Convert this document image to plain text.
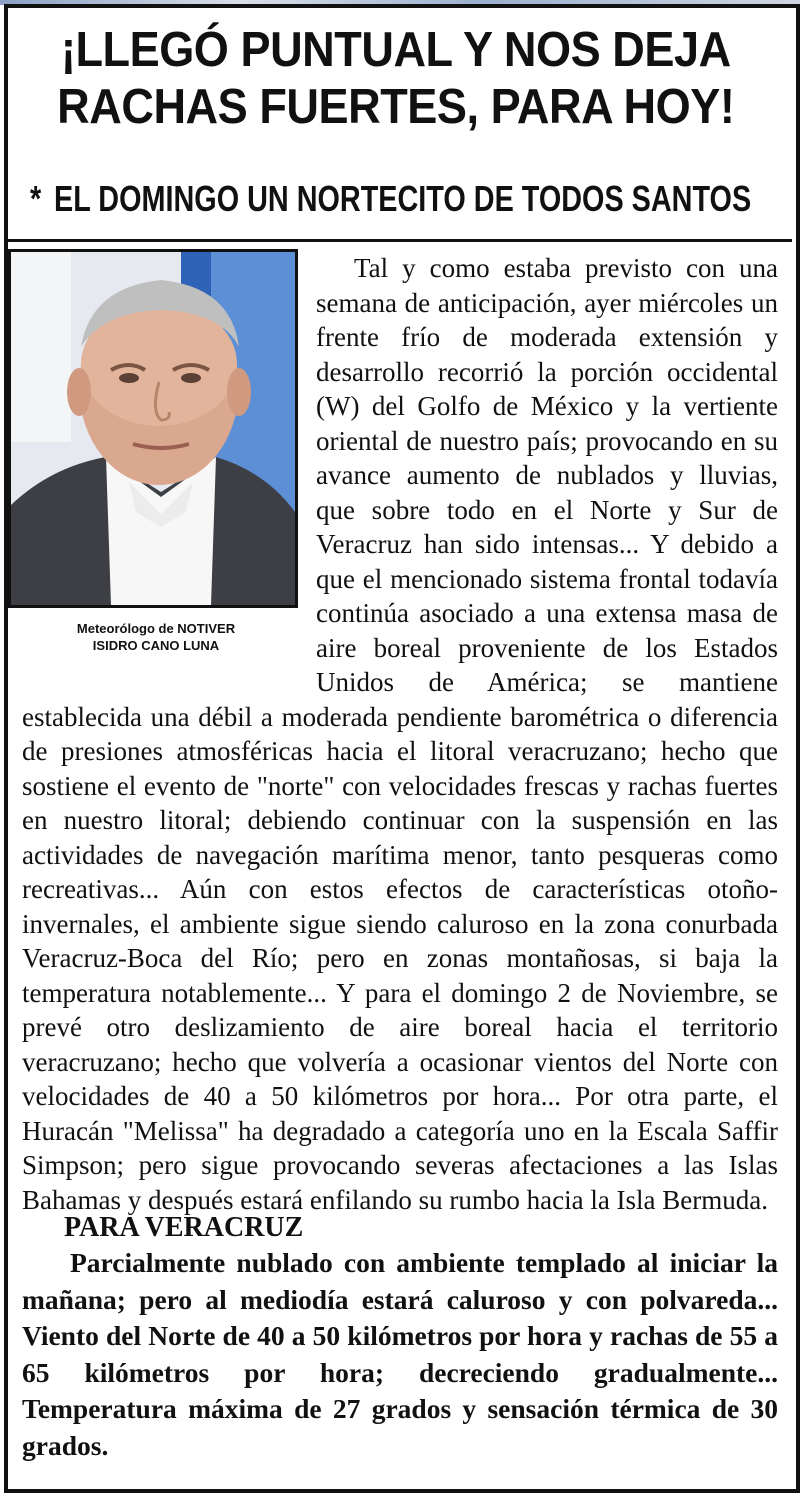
¡LLEGÓ PUNTUAL Y NOS DEJA
RACHAS FUERTES, PARA HOY!
* EL DOMINGO UN NORTECITO DE TODOS SANTOS
Meteorólogo de NOTIVER
ISIDRO CANO LUNA

Tal y como estaba previsto con una semana de anticipación, ayer miércoles un frente frío de moderada extensión y desarrollo recorrió la porción occidental (W) del Golfo de México y la vertiente oriental de nuestro país; provocando en su avance aumento de nublados y lluvias, que sobre todo en el Norte y Sur de Veracruz han sido intensas... Y debido a que el mencionado sistema frontal todavía continúa asociado a una extensa masa de aire boreal proveniente de los Estados Unidos de América; se mantiene establecida una débil a moderada pendiente barométrica o diferencia de presiones atmosféricas hacia el litoral veracruzano; hecho que sostiene el evento de "norte" con velocidades frescas y rachas fuertes en nuestro litoral; debiendo continuar con la suspensión en las actividades de navegación marítima menor, tanto pesqueras como recreativas... Aún con estos efectos de características otoño-invernales, el ambiente sigue siendo caluroso en la zona conurbada Veracruz-Boca del Río; pero en zonas montañosas, si baja la temperatura notablemente... Y para el domingo 2 de Noviembre, se prevé otro deslizamiento de aire boreal hacia el territorio veracruzano; hecho que volvería a ocasionar vientos del Norte con velocidades de 40 a 50 kilómetros por hora... Por otra parte, el Huracán "Melissa" ha degradado a categoría uno en la Escala Saffir Simpson; pero sigue provocando severas afectaciones a las Islas Bahamas y después estará enfilando su rumbo hacia la Isla Bermuda.

PARA VERACRUZ

Parcialmente nublado con ambiente templado al iniciar la mañana; pero al mediodía estará caluroso y con polvareda... Viento del Norte de 40 a 50 kilómetros por hora y rachas de 55 a 65 kilómetros por hora; decreciendo gradualmente... Temperatura máxima de 27 grados y sensación térmica de 30 grados.
